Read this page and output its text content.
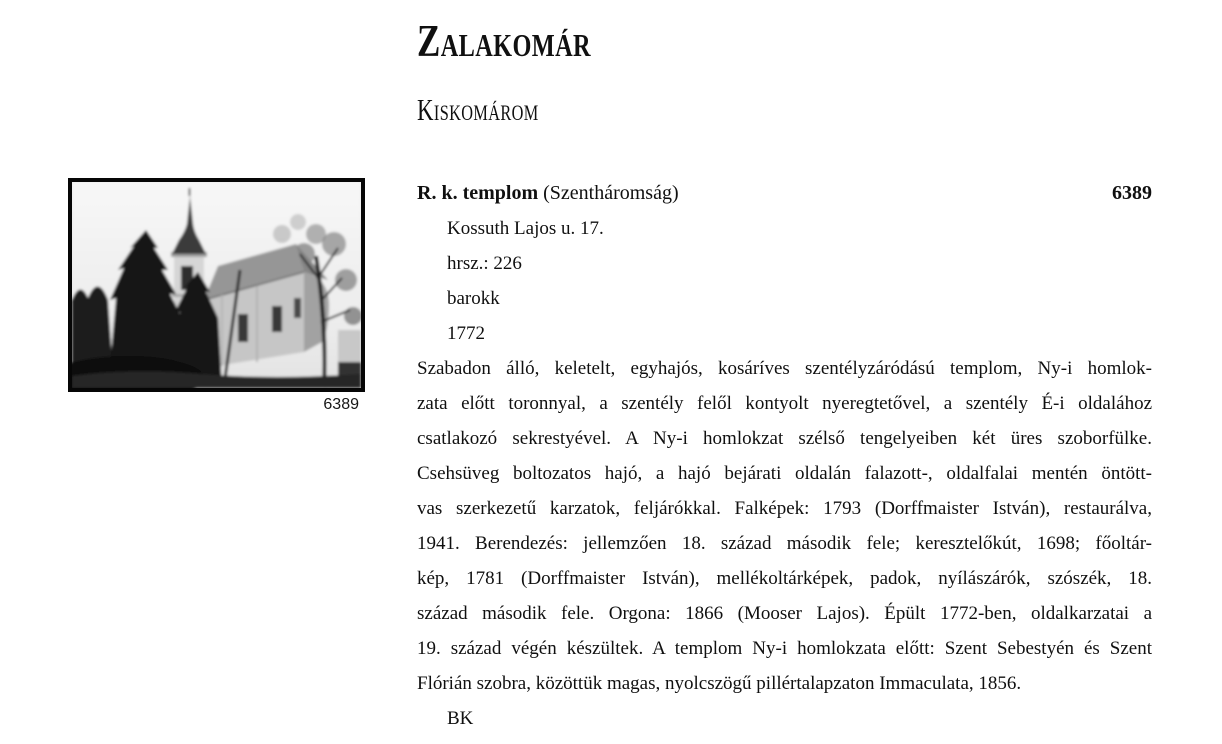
Zalakomár
Kiskomárom
6389
R. k. templom (Szentháromság)	6389
Kossuth Lajos u. 17.
hrsz.: 226
barokk
1772
Szabadon álló, keletelt, egyhajós, kosáríves szentélyzáródású templom, Ny-i homlok-
zata előtt toronnyal, a szentély felől kontyolt nyeregtetővel, a szentély É-i oldalához
csatlakozó sekrestyével. A Ny-i homlokzat szélső tengelyeiben két üres szoborfülke.
Csehsüveg boltozatos hajó, a hajó bejárati oldalán falazott-, oldalfalai mentén öntött-
vas szerkezetű karzatok, feljárókkal. Falképek: 1793 (Dorffmaister István), restaurálva,
1941. Berendezés: jellemzően 18. század második fele; keresztelőkút, 1698; főoltár-
kép, 1781 (Dorffmaister István), mellékoltárképek, padok, nyílászárók, szószék, 18.
század második fele. Orgona: 1866 (Mooser Lajos). Épült 1772-ben, oldalkarzatai a
19. század végén készültek. A templom Ny-i homlokzata előtt: Szent Sebestyén és Szent
Flórián szobra, közöttük magas, nyolcszögű pillértalapzaton Immaculata, 1856.
BK
